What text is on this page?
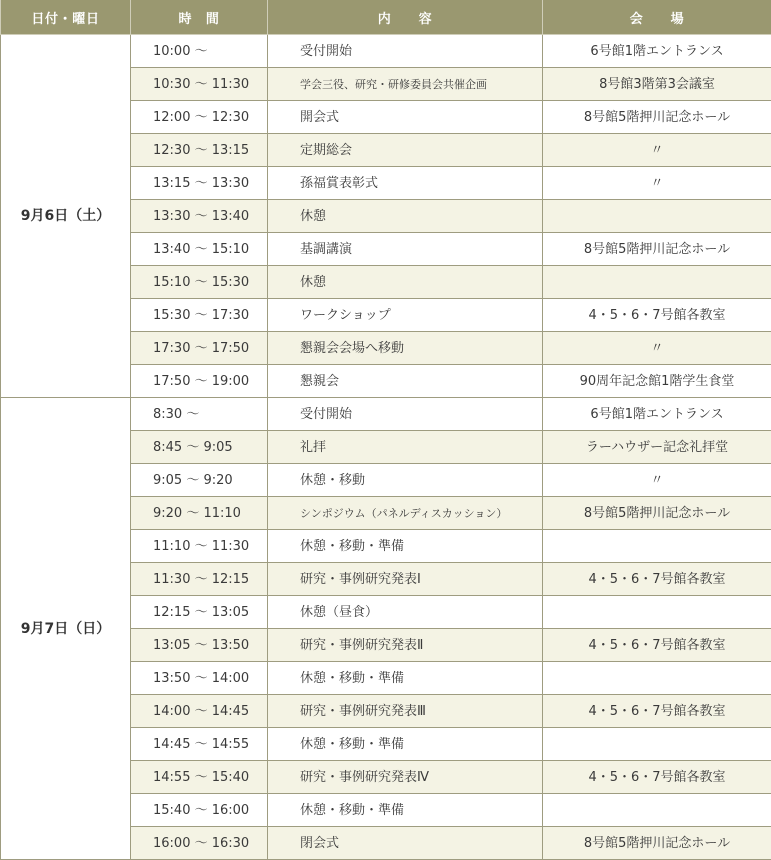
日付・曜日	時　間	内　　容	会　　場
9月6日（土）	10:00 〜	受付開始	6号館1階エントランス
	10:30 〜 11:30	学会三役、研究・研修委員会共催企画	8号館3階第3会議室
	12:00 〜 12:30	開会式	8号館5階押川記念ホール
	12:30 〜 13:15	定期総会	〃
	13:15 〜 13:30	孫福賞表彰式	〃
	13:30 〜 13:40	休憩	
	13:40 〜 15:10	基調講演	8号館5階押川記念ホール
	15:10 〜 15:30	休憩	
	15:30 〜 17:30	ワークショップ	4・5・6・7号館各教室
	17:30 〜 17:50	懇親会会場へ移動	〃
	17:50 〜 19:00	懇親会	90周年記念館1階学生食堂
9月7日（日）	8:30 〜	受付開始	6号館1階エントランス
	8:45 〜 9:05	礼拝	ラーハウザー記念礼拝堂
	9:05 〜 9:20	休憩・移動	〃
	9:20 〜 11:10	シンポジウム（パネルディスカッション）	8号館5階押川記念ホール
	11:10 〜 11:30	休憩・移動・準備	
	11:30 〜 12:15	研究・事例研究発表Ⅰ	4・5・6・7号館各教室
	12:15 〜 13:05	休憩（昼食）	
	13:05 〜 13:50	研究・事例研究発表Ⅱ	4・5・6・7号館各教室
	13:50 〜 14:00	休憩・移動・準備	
	14:00 〜 14:45	研究・事例研究発表Ⅲ	4・5・6・7号館各教室
	14:45 〜 14:55	休憩・移動・準備	
	14:55 〜 15:40	研究・事例研究発表Ⅳ	4・5・6・7号館各教室
	15:40 〜 16:00	休憩・移動・準備	
	16:00 〜 16:30	閉会式	8号館5階押川記念ホール
